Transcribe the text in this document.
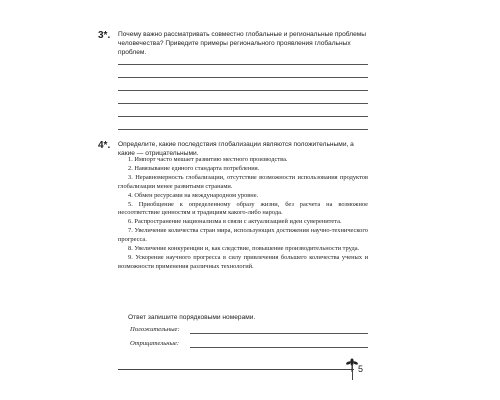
3*. Почему важно рассматривать совместно глобальные и региональные проблемы человечества? Приведите примеры регионального проявления глобальных проблем.
4*. Определите, какие последствия глобализации являются положительными, а какие — отрицательными.
1. Импорт часто мешает развитию местного производства.
2. Навязывание единого стандарта потребления.
3. Неравномерность глобализации, отсутствие возможности использования продуктов глобализации менее развитыми странами.
4. Обмен ресурсами на международном уровне.
5. Приобщение к определенному образу жизни, без расчета на возможное несоответствие ценностям и традициям какого-либо народа.
6. Распространение национализма в связи с актуализацией идеи суверенитета.
7. Увеличение количества стран мира, использующих достижения научно-технического прогресса.
8. Увеличение конкуренции и, как следствие, повышение производительности труда.
9. Ускорение научного прогресса в силу привлечения большего количества ученых и возможности применения различных технологий.
Ответ запишите порядковыми номерами.
Положительные:
Отрицательные:
5
